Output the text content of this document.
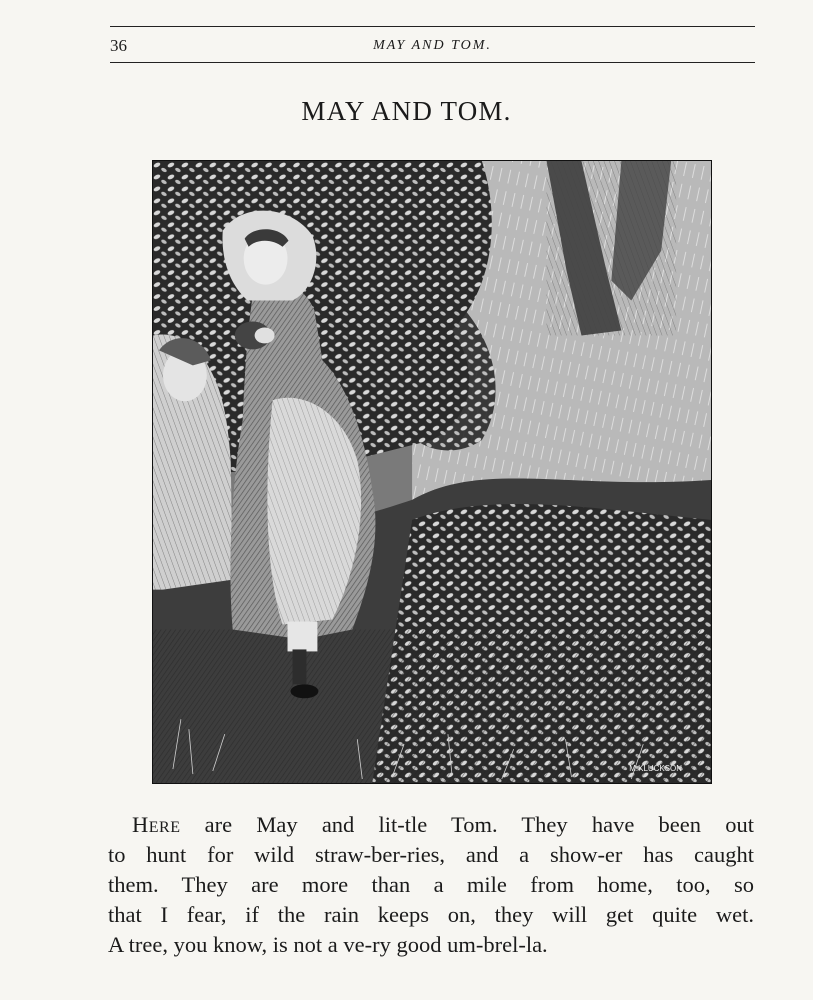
36	MAY AND TOM.
MAY AND TOM.
M.KLUCKSON

Here are May and lit-tle Tom. They have been out
to hunt for wild straw-ber-ries, and a show-er has caught
them. They are more than a mile from home, too, so
that I fear, if the rain keeps on, they will get quite wet.
A tree, you know, is not a ve-ry good um-brel-la.
